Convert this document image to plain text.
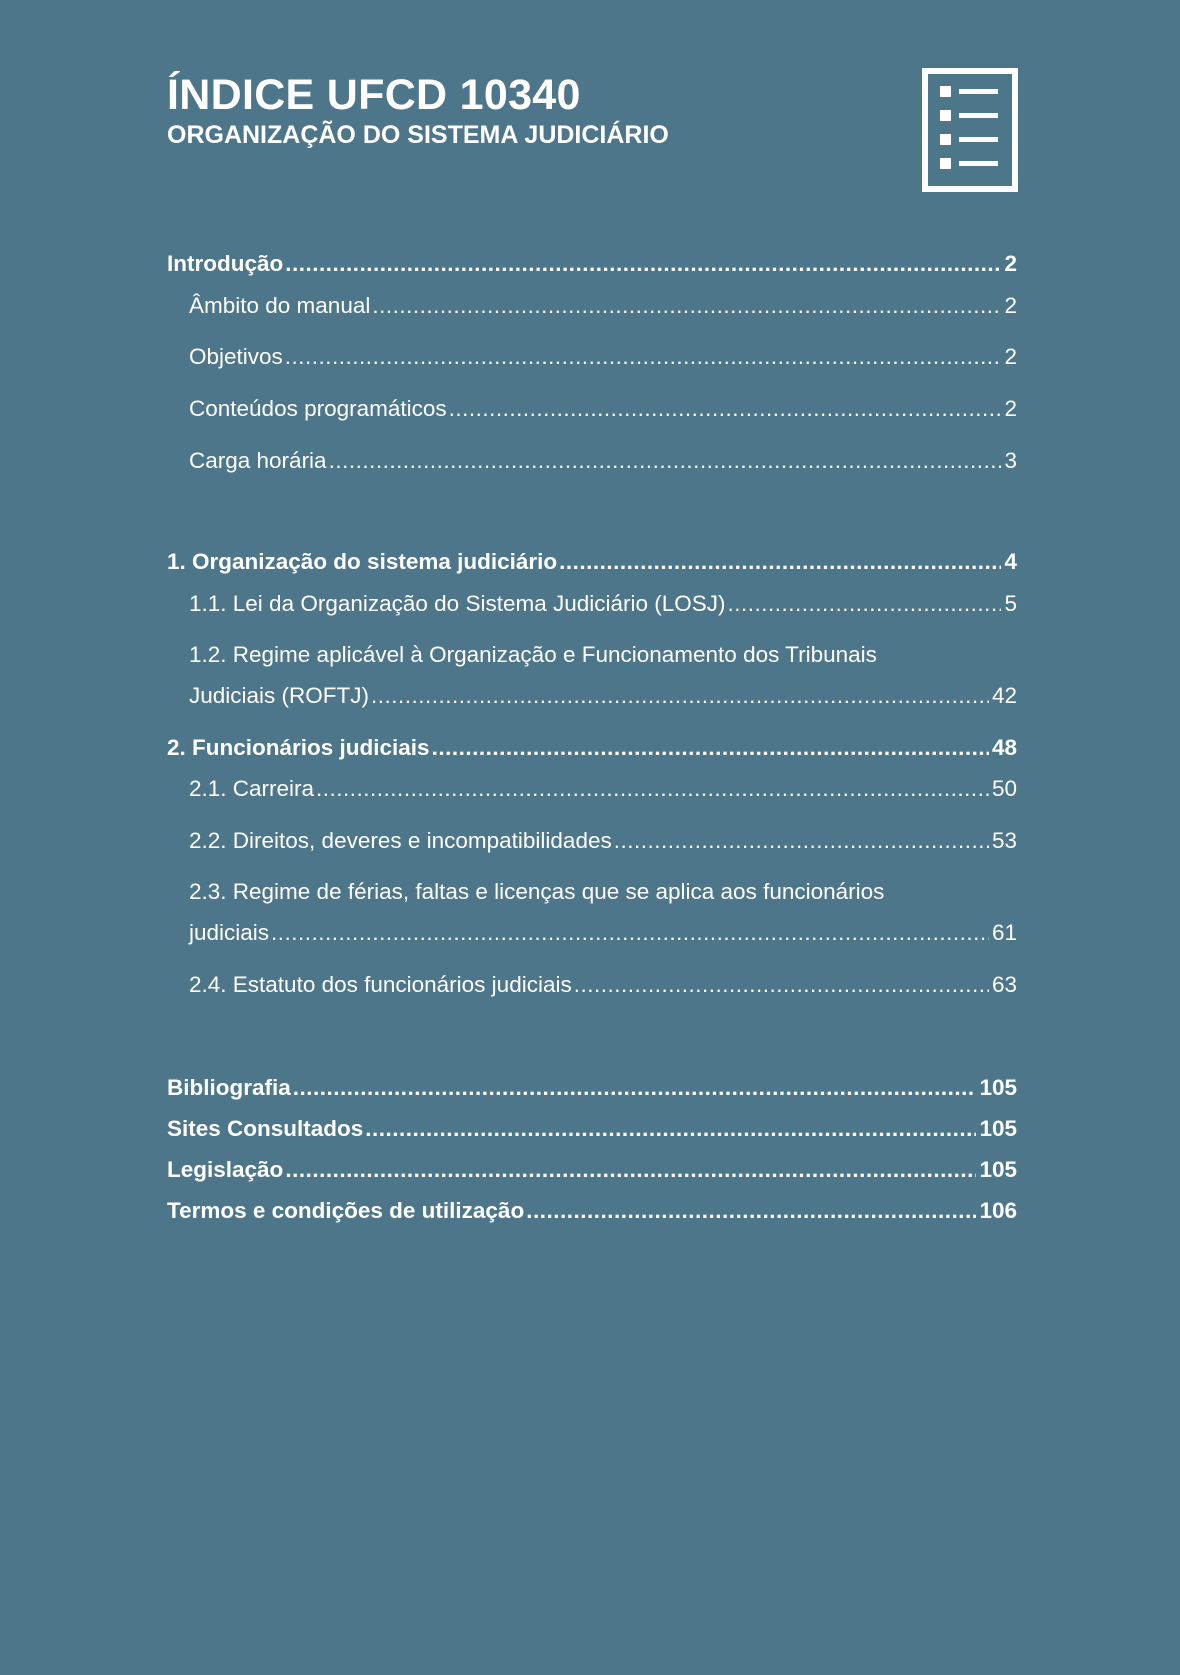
ÍNDICE UFCD 10340
ORGANIZAÇÃO DO SISTEMA JUDICIÁRIO
Introdução .....	2
Âmbito do manual .....	2
Objetivos .....	2
Conteúdos programáticos .....	2
Carga horária .....	3
1. Organização do sistema judiciário .....	4
1.1. Lei da Organização do Sistema Judiciário (LOSJ) .....	5
1.2. Regime aplicável à Organização e Funcionamento dos Tribunais
Judiciais (ROFTJ) .....	42
2. Funcionários judiciais .....	48
2.1. Carreira .....	50
2.2. Direitos, deveres e incompatibilidades .....	53
2.3. Regime de férias, faltas e licenças que se aplica aos funcionários
judiciais .....	61
2.4. Estatuto dos funcionários judiciais .....	63
Bibliografia .....	105
Sites Consultados .....	105
Legislação .....	105
Termos e condições de utilização .....	106
